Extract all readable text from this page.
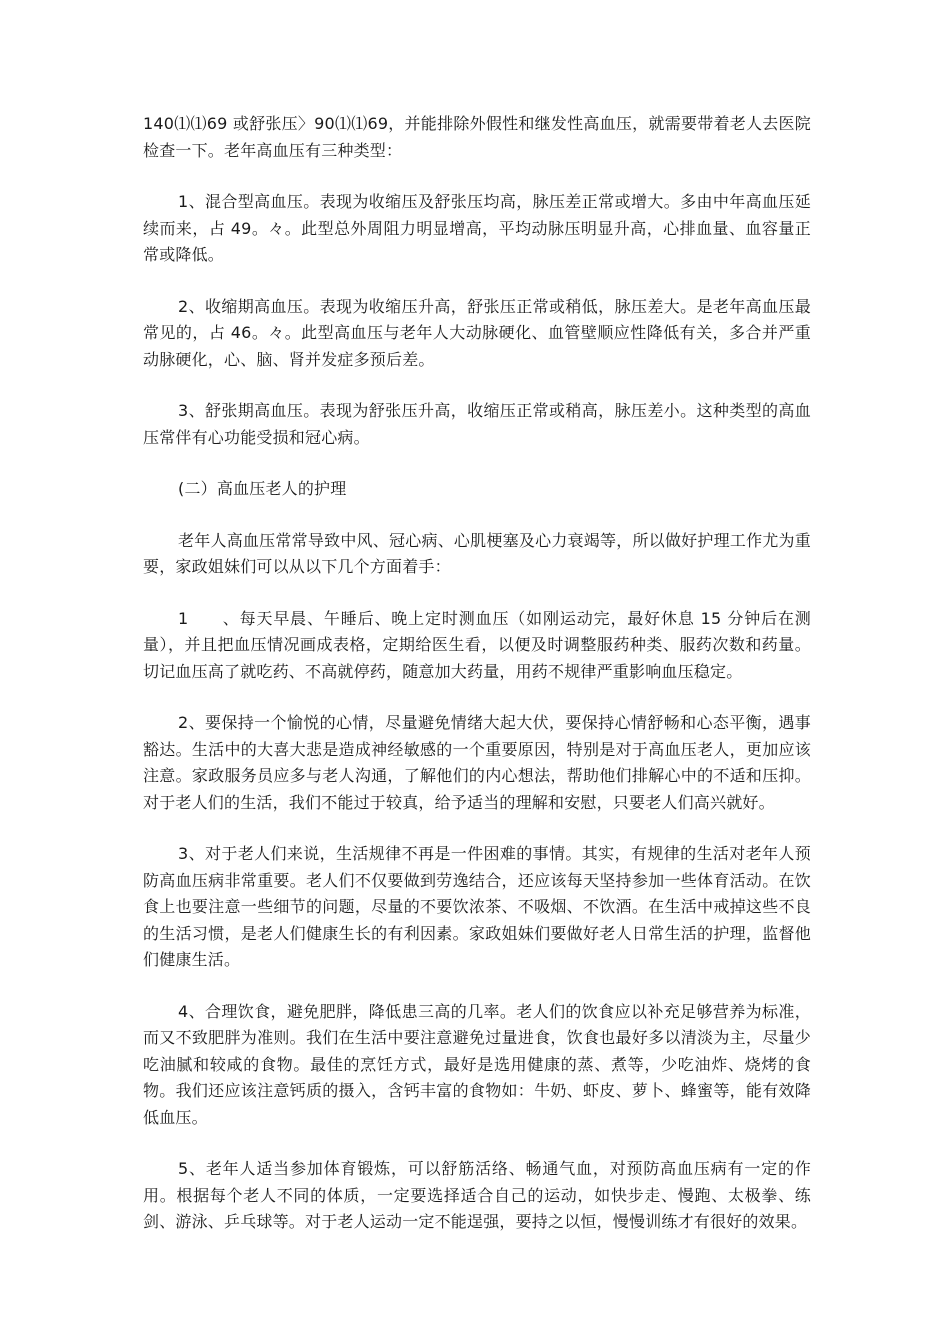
140⑴⑴69 或舒张压〉90⑴⑴69，并能排除外假性和继发性高血压，就需要带着老人去医院检查一下。老年高血压有三种类型：

1、混合型高血压。表现为收缩压及舒张压均高，脉压差正常或增大。多由中年高血压延续而来，占 49。々。此型总外周阻力明显增高，平均动脉压明显升高，心排血量、血容量正常或降低。

2、收缩期高血压。表现为收缩压升高，舒张压正常或稍低，脉压差大。是老年高血压最常见的，占 46。々。此型高血压与老年人大动脉硬化、血管壁顺应性降低有关，多合并严重动脉硬化，心、脑、肾并发症多预后差。

3、舒张期高血压。表现为舒张压升高，收缩压正常或稍高，脉压差小。这种类型的高血压常伴有心功能受损和冠心病。

(二）高血压老人的护理

老年人高血压常常导致中风、冠心病、心肌梗塞及心力衰竭等，所以做好护理工作尤为重要，家政姐妹们可以从以下几个方面着手：

1　　、每天早晨、午睡后、晚上定时测血压（如刚运动完，最好休息 15 分钟后在测量），并且把血压情况画成表格，定期给医生看，以便及时调整服药种类、服药次数和药量。切记血压高了就吃药、不高就停药，随意加大药量，用药不规律严重影响血压稳定。

2、要保持一个愉悦的心情，尽量避免情绪大起大伏，要保持心情舒畅和心态平衡，遇事豁达。生活中的大喜大悲是造成神经敏感的一个重要原因，特别是对于高血压老人，更加应该注意。家政服务员应多与老人沟通，了解他们的内心想法，帮助他们排解心中的不适和压抑。对于老人们的生活，我们不能过于较真，给予适当的理解和安慰，只要老人们高兴就好。

3、对于老人们来说，生活规律不再是一件困难的事情。其实，有规律的生活对老年人预防高血压病非常重要。老人们不仅要做到劳逸结合，还应该每天坚持参加一些体育活动。在饮食上也要注意一些细节的问题，尽量的不要饮浓茶、不吸烟、不饮酒。在生活中戒掉这些不良的生活习惯，是老人们健康生长的有利因素。家政姐妹们要做好老人日常生活的护理，监督他们健康生活。

4、合理饮食，避免肥胖，降低患三高的几率。老人们的饮食应以补充足够营养为标准，而又不致肥胖为准则。我们在生活中要注意避免过量进食，饮食也最好多以清淡为主，尽量少吃油腻和较咸的食物。最佳的烹饪方式，最好是选用健康的蒸、煮等，少吃油炸、烧烤的食物。我们还应该注意钙质的摄入，含钙丰富的食物如：牛奶、虾皮、萝卜、蜂蜜等，能有效降低血压。

5、老年人适当参加体育锻炼，可以舒筋活络、畅通气血，对预防高血压病有一定的作用。根据每个老人不同的体质，一定要选择适合自己的运动，如快步走、慢跑、太极拳、练剑、游泳、乒乓球等。对于老人运动一定不能逞强，要持之以恒，慢慢训练才有很好的效果。
